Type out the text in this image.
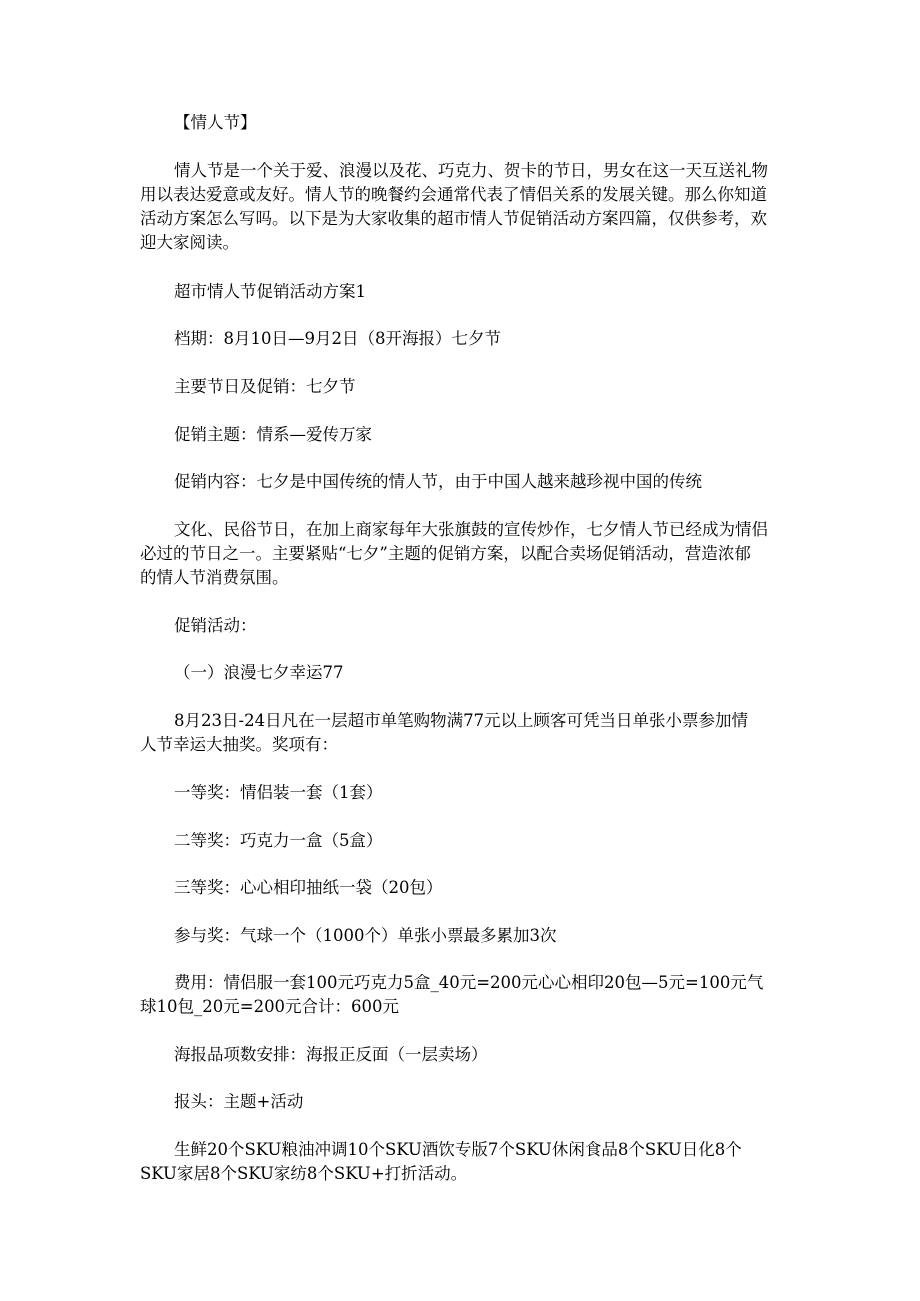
【情人节】

情人节是一个关于爱、浪漫以及花、巧克力、贺卡的节日，男女在这一天互送礼物
用以表达爱意或友好。情人节的晚餐约会通常代表了情侣关系的发展关键。那么你知道
活动方案怎么写吗。以下是为大家收集的超市情人节促销活动方案四篇，仅供参考，欢
迎大家阅读。

超市情人节促销活动方案1

档期：8月10日—9月2日（8开海报）七夕节

主要节日及促销：七夕节

促销主题：情系—爱传万家

促销内容：七夕是中国传统的情人节，由于中国人越来越珍视中国的传统

文化、民俗节日，在加上商家每年大张旗鼓的宣传炒作，七夕情人节已经成为情侣
必过的节日之一。主要紧贴“七夕”主题的促销方案，以配合卖场促销活动，营造浓郁
的情人节消费氛围。

促销活动：

（一）浪漫七夕幸运77

8月23日-24日凡在一层超市单笔购物满77元以上顾客可凭当日单张小票参加情
人节幸运大抽奖。奖项有：

一等奖：情侣装一套（1套）

二等奖：巧克力一盒（5盒）

三等奖：心心相印抽纸一袋（20包）

参与奖：气球一个（1000个）单张小票最多累加3次

费用：情侣服一套100元巧克力5盒_40元=200元心心相印20包—5元=100元气
球10包_20元=200元合计：600元

海报品项数安排：海报正反面（一层卖场）

报头：主题+活动

生鲜20个SKU粮油冲调10个SKU酒饮专版7个SKU休闲食品8个SKU日化8个
SKU家居8个SKU家纺8个SKU+打折活动。
